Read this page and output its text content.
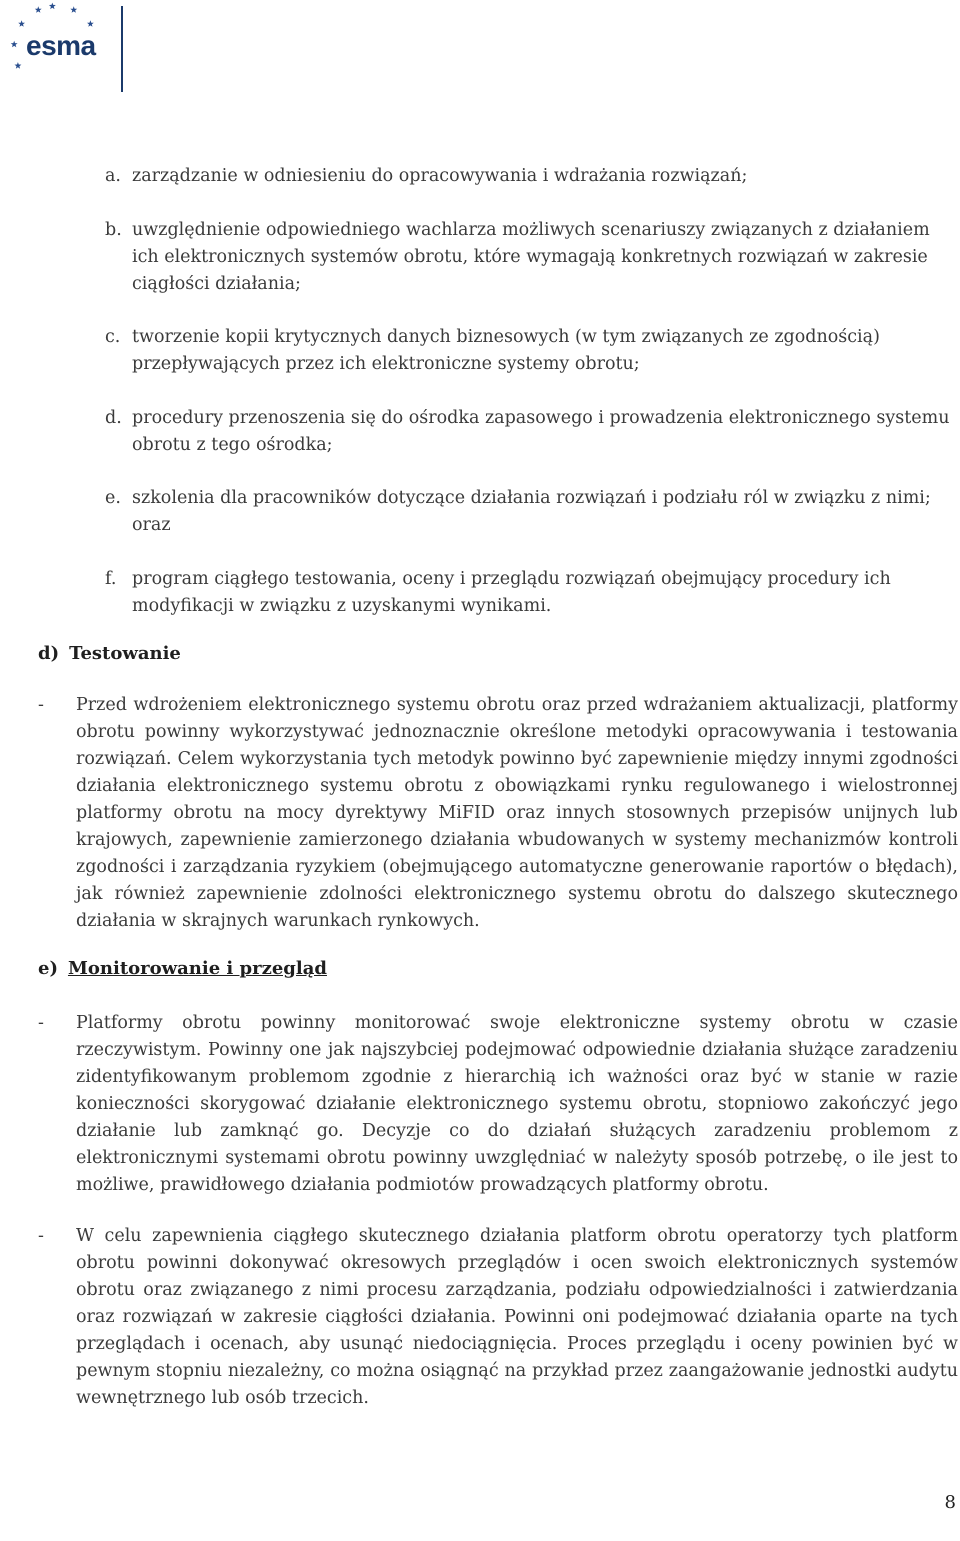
esma
a. zarządzanie w odniesieniu do opracowywania i wdrażania rozwiązań;
b. uwzględnienie odpowiedniego wachlarza możliwych scenariuszy związanych z działaniem ich elektronicznych systemów obrotu, które wymagają konkretnych rozwiązań w zakresie ciągłości działania;
c. tworzenie kopii krytycznych danych biznesowych (w tym związanych ze zgodnością) przepływających przez ich elektroniczne systemy obrotu;
d. procedury przenoszenia się do ośrodka zapasowego i prowadzenia elektronicznego systemu obrotu z tego ośrodka;
e. szkolenia dla pracowników dotyczące działania rozwiązań i podziału ról w związku z nimi; oraz
f. program ciągłego testowania, oceny i przeglądu rozwiązań obejmujący procedury ich modyfikacji w związku z uzyskanymi wynikami.
d) Testowanie
- Przed wdrożeniem elektronicznego systemu obrotu oraz przed wdrażaniem aktualizacji, platformy obrotu powinny wykorzystywać jednoznacznie określone metodyki opracowywania i testowania rozwiązań. Celem wykorzystania tych metodyk powinno być zapewnienie między innymi zgodności działania elektronicznego systemu obrotu z obowiązkami rynku regulowanego i wielostronnej platformy obrotu na mocy dyrektywy MiFID oraz innych stosownych przepisów unijnych lub krajowych, zapewnienie zamierzonego działania wbudowanych w systemy mechanizmów kontroli zgodności i zarządzania ryzykiem (obejmującego automatyczne generowanie raportów o błędach), jak również zapewnienie zdolności elektronicznego systemu obrotu do dalszego skutecznego działania w skrajnych warunkach rynkowych.
e) Monitorowanie i przegląd
- Platformy obrotu powinny monitorować swoje elektroniczne systemy obrotu w czasie rzeczywistym. Powinny one jak najszybciej podejmować odpowiednie działania służące zaradzeniu zidentyfikowanym problemom zgodnie z hierarchią ich ważności oraz być w stanie w razie konieczności skorygować działanie elektronicznego systemu obrotu, stopniowo zakończyć jego działanie lub zamknąć go. Decyzje co do działań służących zaradzeniu problemom z elektronicznymi systemami obrotu powinny uwzględniać w należyty sposób potrzebę, o ile jest to możliwe, prawidłowego działania podmiotów prowadzących platformy obrotu.
- W celu zapewnienia ciągłego skutecznego działania platform obrotu operatorzy tych platform obrotu powinni dokonywać okresowych przeglądów i ocen swoich elektronicznych systemów obrotu oraz związanego z nimi procesu zarządzania, podziału odpowiedzialności i zatwierdzania oraz rozwiązań w zakresie ciągłości działania. Powinni oni podejmować działania oparte na tych przeglądach i ocenach, aby usunąć niedociągnięcia. Proces przeglądu i oceny powinien być w pewnym stopniu niezależny, co można osiągnąć na przykład przez zaangażowanie jednostki audytu wewnętrznego lub osób trzecich.
8
